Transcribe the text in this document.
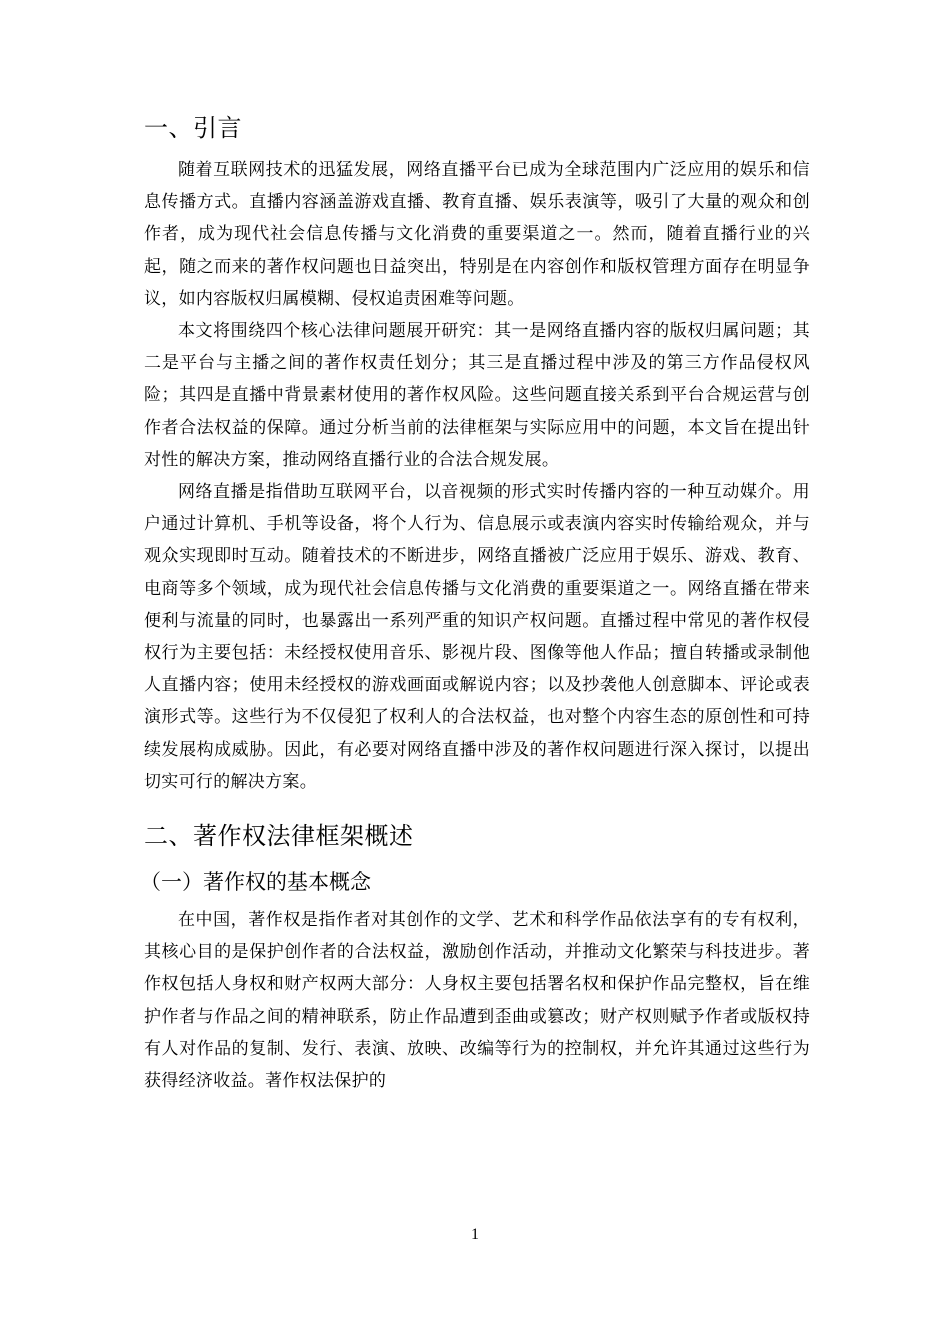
一、引言

随着互联网技术的迅猛发展，网络直播平台已成为全球范围内广泛应用的娱乐和信息传播方式。直播内容涵盖游戏直播、教育直播、娱乐表演等，吸引了大量的观众和创作者，成为现代社会信息传播与文化消费的重要渠道之一。然而，随着直播行业的兴起，随之而来的著作权问题也日益突出，特别是在内容创作和版权管理方面存在明显争议，如内容版权归属模糊、侵权追责困难等问题。

本文将围绕四个核心法律问题展开研究：其一是网络直播内容的版权归属问题；其二是平台与主播之间的著作权责任划分；其三是直播过程中涉及的第三方作品侵权风险；其四是直播中背景素材使用的著作权风险。这些问题直接关系到平台合规运营与创作者合法权益的保障。通过分析当前的法律框架与实际应用中的问题，本文旨在提出针对性的解决方案，推动网络直播行业的合法合规发展。

网络直播是指借助互联网平台，以音视频的形式实时传播内容的一种互动媒介。用户通过计算机、手机等设备，将个人行为、信息展示或表演内容实时传输给观众，并与观众实现即时互动。随着技术的不断进步，网络直播被广泛应用于娱乐、游戏、教育、电商等多个领域，成为现代社会信息传播与文化消费的重要渠道之一。网络直播在带来便利与流量的同时，也暴露出一系列严重的知识产权问题。直播过程中常见的著作权侵权行为主要包括：未经授权使用音乐、影视片段、图像等他人作品；擅自转播或录制他人直播内容；使用未经授权的游戏画面或解说内容；以及抄袭他人创意脚本、评论或表演形式等。这些行为不仅侵犯了权利人的合法权益，也对整个内容生态的原创性和可持续发展构成威胁。因此，有必要对网络直播中涉及的著作权问题进行深入探讨，以提出切实可行的解决方案。

二、著作权法律框架概述
（一）著作权的基本概念

在中国，著作权是指作者对其创作的文学、艺术和科学作品依法享有的专有权利，其核心目的是保护创作者的合法权益，激励创作活动，并推动文化繁荣与科技进步。著作权包括人身权和财产权两大部分：人身权主要包括署名权和保护作品完整权，旨在维护作者与作品之间的精神联系，防止作品遭到歪曲或篡改；财产权则赋予作者或版权持有人对作品的复制、发行、表演、放映、改编等行为的控制权，并允许其通过这些行为获得经济收益。著作权法保护的

1
